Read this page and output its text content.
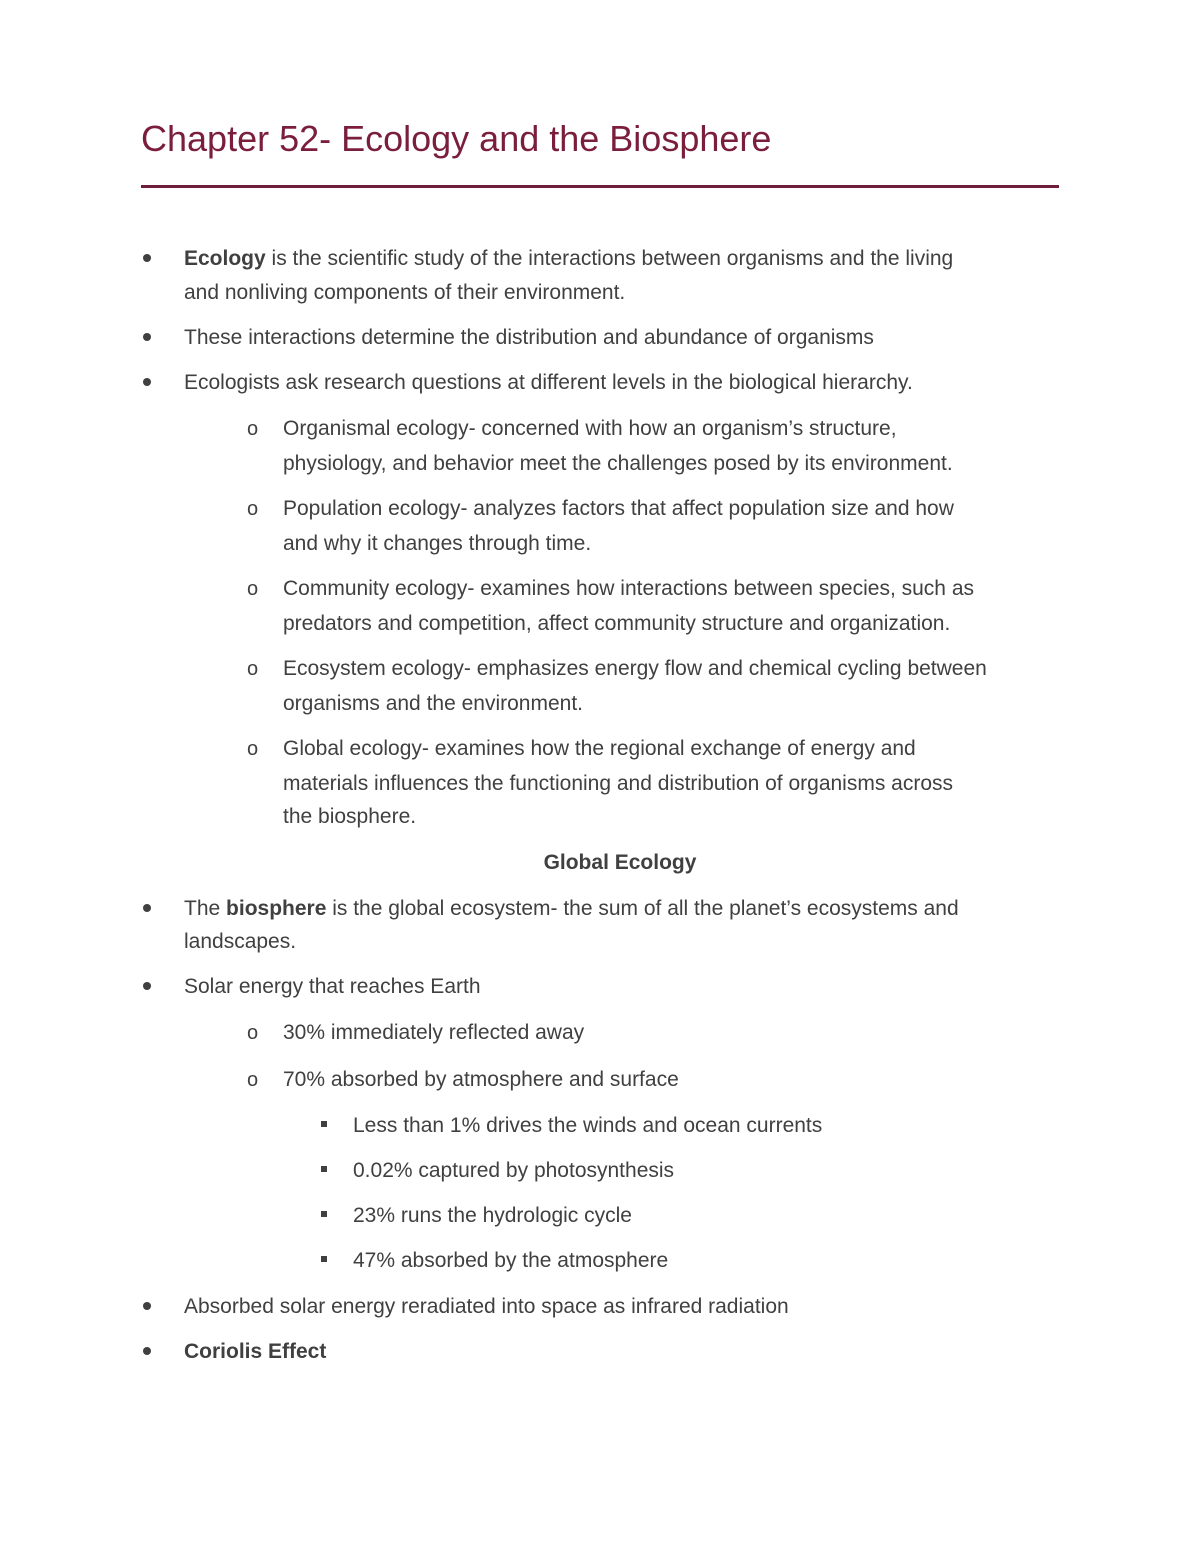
Chapter 52- Ecology and the Biosphere
Ecology is the scientific study of the interactions between organisms and the living
and nonliving components of their environment.
These interactions determine the distribution and abundance of organisms
Ecologists ask research questions at different levels in the biological hierarchy.
o Organismal ecology- concerned with how an organism’s structure,
physiology, and behavior meet the challenges posed by its environment.
o Population ecology- analyzes factors that affect population size and how
and why it changes through time.
o Community ecology- examines how interactions between species, such as
predators and competition, affect community structure and organization.
o Ecosystem ecology- emphasizes energy flow and chemical cycling between
organisms and the environment.
o Global ecology- examines how the regional exchange of energy and
materials influences the functioning and distribution of organisms across
the biosphere.
Global Ecology
The biosphere is the global ecosystem- the sum of all the planet’s ecosystems and
landscapes.
Solar energy that reaches Earth
o 30% immediately reflected away
o 70% absorbed by atmosphere and surface
Less than 1% drives the winds and ocean currents
0.02% captured by photosynthesis
23% runs the hydrologic cycle
47% absorbed by the atmosphere
Absorbed solar energy reradiated into space as infrared radiation
Coriolis Effect
